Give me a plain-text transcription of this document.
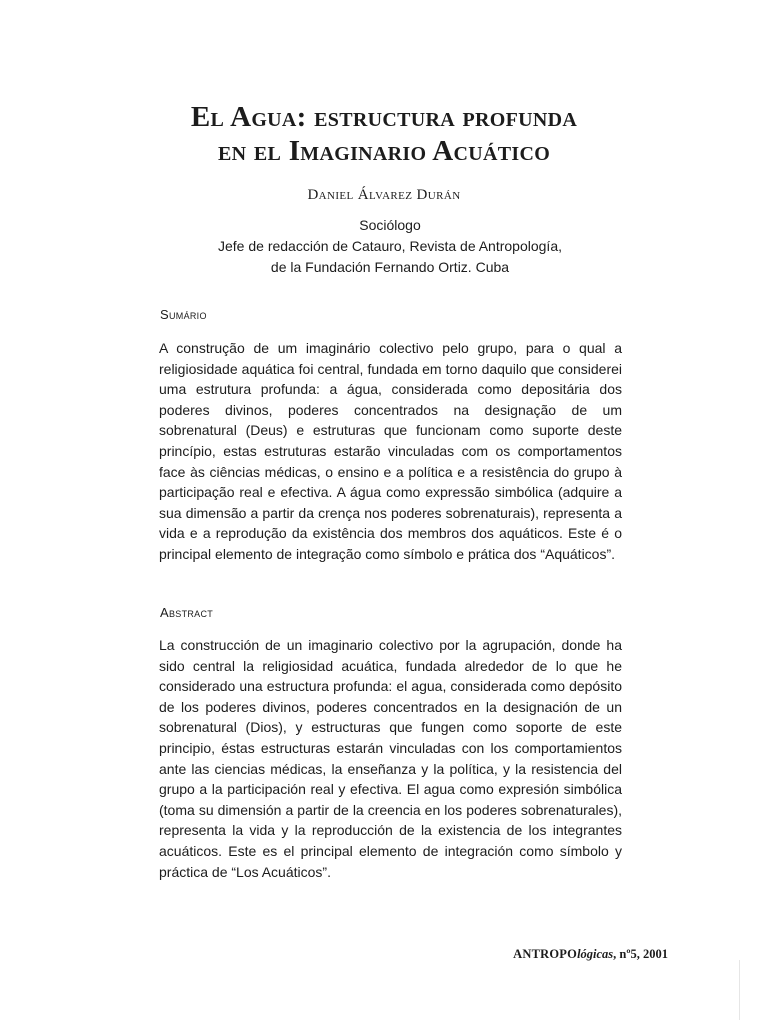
El Agua: estructura profunda
en el Imaginario Acuático
Daniel Álvarez Durán
Sociólogo
Jefe de redacción de Catauro, Revista de Antropología,
de la Fundación Fernando Ortiz. Cuba
Sumário

A construção de um imaginário colectivo pelo grupo, para o qual a religiosidade aquática foi central, fundada em torno daquilo que considerei uma estrutura profunda: a água, considerada como depositária dos poderes divinos, poderes concentrados na designação de um sobrenatural (Deus) e estruturas que funcionam como suporte deste princípio, estas estruturas estarão vinculadas com os comportamentos face às ciências médicas, o ensino e a política e a resistência do grupo à participação real e efectiva. A água como expressão simbólica (adquire a sua dimensão a partir da crença nos poderes sobrenaturais), representa a vida e a reprodução da existência dos membros dos aquáticos. Este é o principal elemento de integração como símbolo e prática dos “Aquáticos”.

Abstract

La construcción de un imaginario colectivo por la agrupación, donde ha sido central la religiosidad acuática, fundada alrededor de lo que he considerado una estructura profunda: el agua, considerada como depósito de los poderes divinos, poderes concentrados en la designación de un sobrenatural (Dios), y estructuras que fungen como soporte de este principio, éstas estructuras estarán vinculadas con los comportamientos ante las ciencias médicas, la enseñanza y la política, y la resistencia del grupo a la participación real y efectiva. El agua como expresión simbólica (toma su dimensión a partir de la creencia en los poderes sobrenaturales), representa la vida y la reproducción de la existencia de los integrantes acuáticos. Este es el principal elemento de integración como símbolo y práctica de “Los Acuáticos”.

ANTROPOlógicas, nº5, 2001
